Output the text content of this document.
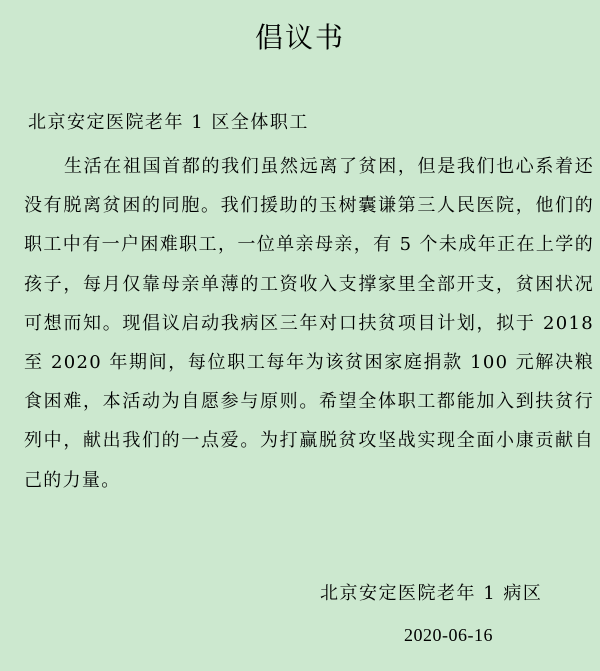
倡议书
北京安定医院老年 1 区全体职工

生活在祖国首都的我们虽然远离了贫困，但是我们也心系着还没有脱离贫困的同胞。我们援助的玉树囊谦第三人民医院，他们的职工中有一户困难职工，一位单亲母亲，有 5 个未成年正在上学的孩子，每月仅靠母亲单薄的工资收入支撑家里全部开支，贫困状况可想而知。现倡议启动我病区三年对口扶贫项目计划，拟于 2018 至 2020 年期间，每位职工每年为该贫困家庭捐款 100 元解决粮食困难，本活动为自愿参与原则。希望全体职工都能加入到扶贫行列中，献出我们的一点爱。为打赢脱贫攻坚战实现全面小康贡献自己的力量。

北京安定医院老年 1 病区
2020-06-16
